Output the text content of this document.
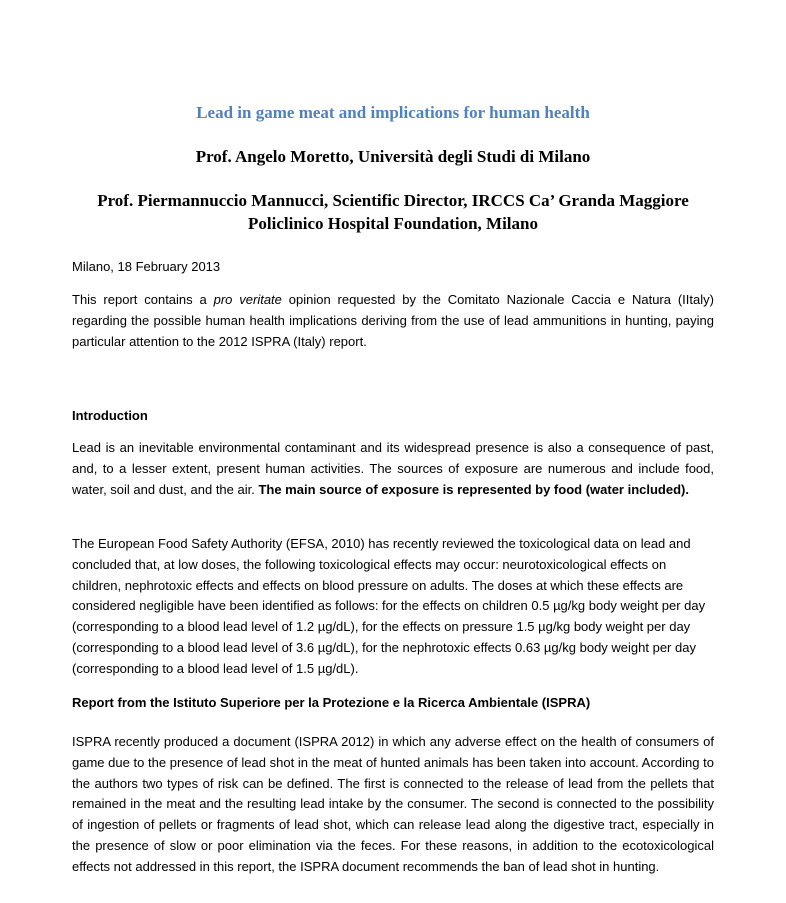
Lead in game meat and implications for human health
Prof. Angelo Moretto, Università degli Studi di Milano
Prof. Piermannuccio Mannucci, Scientific Director, IRCCS Ca’ Granda Maggiore
Policlinico Hospital Foundation, Milano
Milano, 18 February 2013
This report contains a pro veritate opinion requested by the Comitato Nazionale Caccia e Natura (IItaly) regarding the possible human health implications deriving from the use of lead ammunitions in hunting, paying particular attention to the 2012 ISPRA (Italy) report.
Introduction
Lead is an inevitable environmental contaminant and its widespread presence is also a consequence of past, and, to a lesser extent, present human activities. The sources of exposure are numerous and include food, water, soil and dust, and the air. The main source of exposure is represented by food (water included).
The European Food Safety Authority (EFSA, 2010) has recently reviewed the toxicological data on lead and concluded that, at low doses, the following toxicological effects may occur: neurotoxicological effects on children, nephrotoxic effects and effects on blood pressure on adults. The doses at which these effects are considered negligible have been identified as follows: for the effects on children 0.5 µg/kg body weight per day (corresponding to a blood lead level of 1.2 µg/dL), for the effects on pressure 1.5 µg/kg body weight per day (corresponding to a blood lead level of 3.6 µg/dL), for the nephrotoxic effects 0.63 µg/kg body weight per day (corresponding to a blood lead level of 1.5 µg/dL).
Report from the Istituto Superiore per la Protezione e la Ricerca Ambientale (ISPRA)
ISPRA recently produced a document (ISPRA 2012) in which any adverse effect on the health of consumers of game due to the presence of lead shot in the meat of hunted animals has been taken into account. According to the authors two types of risk can be defined. The first is connected to the release of lead from the pellets that remained in the meat and the resulting lead intake by the consumer. The second is connected to the possibility of ingestion of pellets or fragments of lead shot, which can release lead along the digestive tract, especially in the presence of slow or poor elimination via the feces. For these reasons, in addition to the ecotoxicological effects not addressed in this report, the ISPRA document recommends the ban of lead shot in hunting.
